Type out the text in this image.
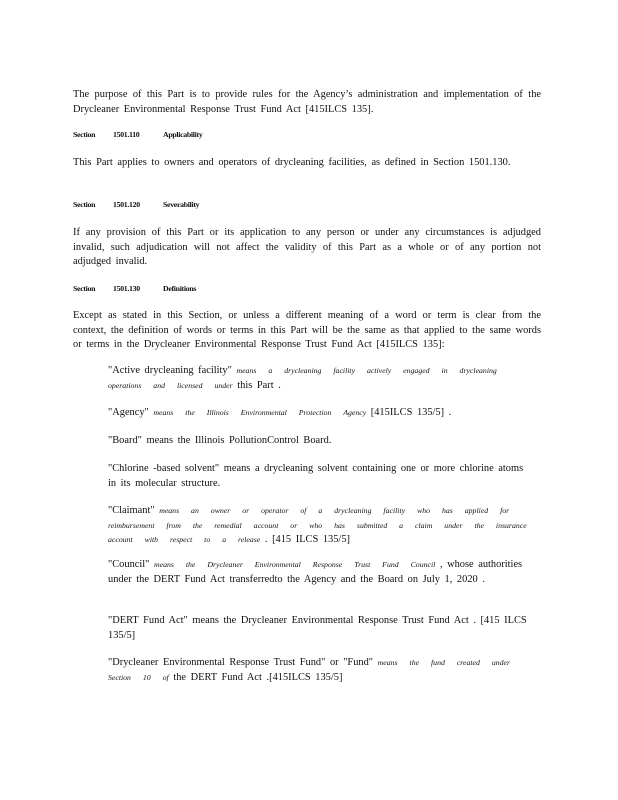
The purpose of this Part is to provide rules for the Agency’s administration and implementation of the Drycleaner Environmental Response Trust Fund Act [415ILCS 135].

Section 1501.110	Applicability

This Part applies to owners and operators of drycleaning facilities, as defined in Section 1501.130.

Section 1501.120	Severability

If any provision of this Part or its application to any person or under any circumstances is adjudged invalid, such adjudication will not affect the validity of this Part as a whole or of any portion not adjudged invalid.

Section 1501.130	Definitions

Except as stated in this Section, or unless a different meaning of a word or term is clear from the context, the definition of words or terms in this Part will be the same as that applied to the same words or terms in the Drycleaner Environmental Response Trust Fund Act [415ILCS 135]:

"Active drycleaning facility" means a drycleaning facility actively engaged in drycleaning operations and licensed under this Part .

"Agency" means the Illinois Environmental Protection Agency [415ILCS 135/5] .

"Board" means the Illinois PollutionControl Board.

"Chlorine -based solvent" means a drycleaning solvent containing one or more chlorine atoms in its molecular structure.

"Claimant" means an owner or operator of a drycleaning facility who has applied for reimbursement from the remedial account or who has submitted a claim under the insurance account with respect to a release . [415 ILCS 135/5]

"Council" means the Drycleaner Environmental Response Trust Fund Council , whose authorities under the DERT Fund Act transferredto the Agency and the Board on July 1, 2020 .

"DERT Fund Act" means the Drycleaner Environmental Response Trust Fund Act . [415 ILCS 135/5]

"Drycleaner Environmental Response Trust Fund" or "Fund" means the fund created under Section 10 of the DERT Fund Act .[415ILCS 135/5]
